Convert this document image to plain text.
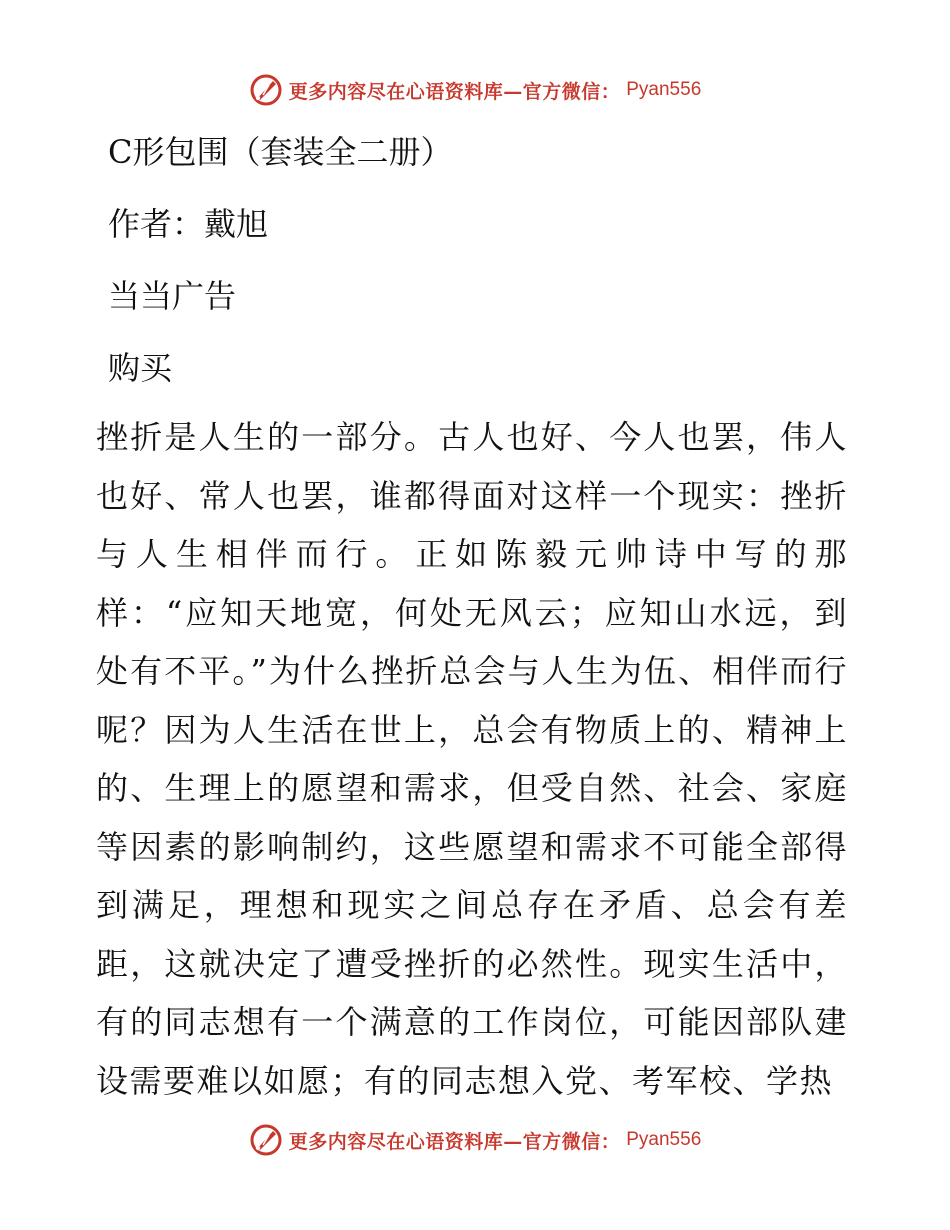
更多内容尽在心语资料库—官方微信： Pyan556

C形包围（套装全二册）

作者：戴旭

当当广告

购买

挫折是人生的一部分。古人也好、今人也罢，伟人也好、常人也罢，谁都得面对这样一个现实：挫折与人生相伴而行。正如陈毅元帅诗中写的那样：“应知天地宽，何处无风云；应知山水远，到处有不平。”为什么挫折总会与人生为伍、相伴而行呢？因为人生活在世上，总会有物质上的、精神上的、生理上的愿望和需求，但受自然、社会、家庭等因素的影响制约，这些愿望和需求不可能全部得到满足，理想和现实之间总存在矛盾、总会有差距，这就决定了遭受挫折的必然性。现实生活中，有的同志想有一个满意的工作岗位，可能因部队建设需要难以如愿；有的同志想入党、考军校、学热

更多内容尽在心语资料库—官方微信： Pyan556
